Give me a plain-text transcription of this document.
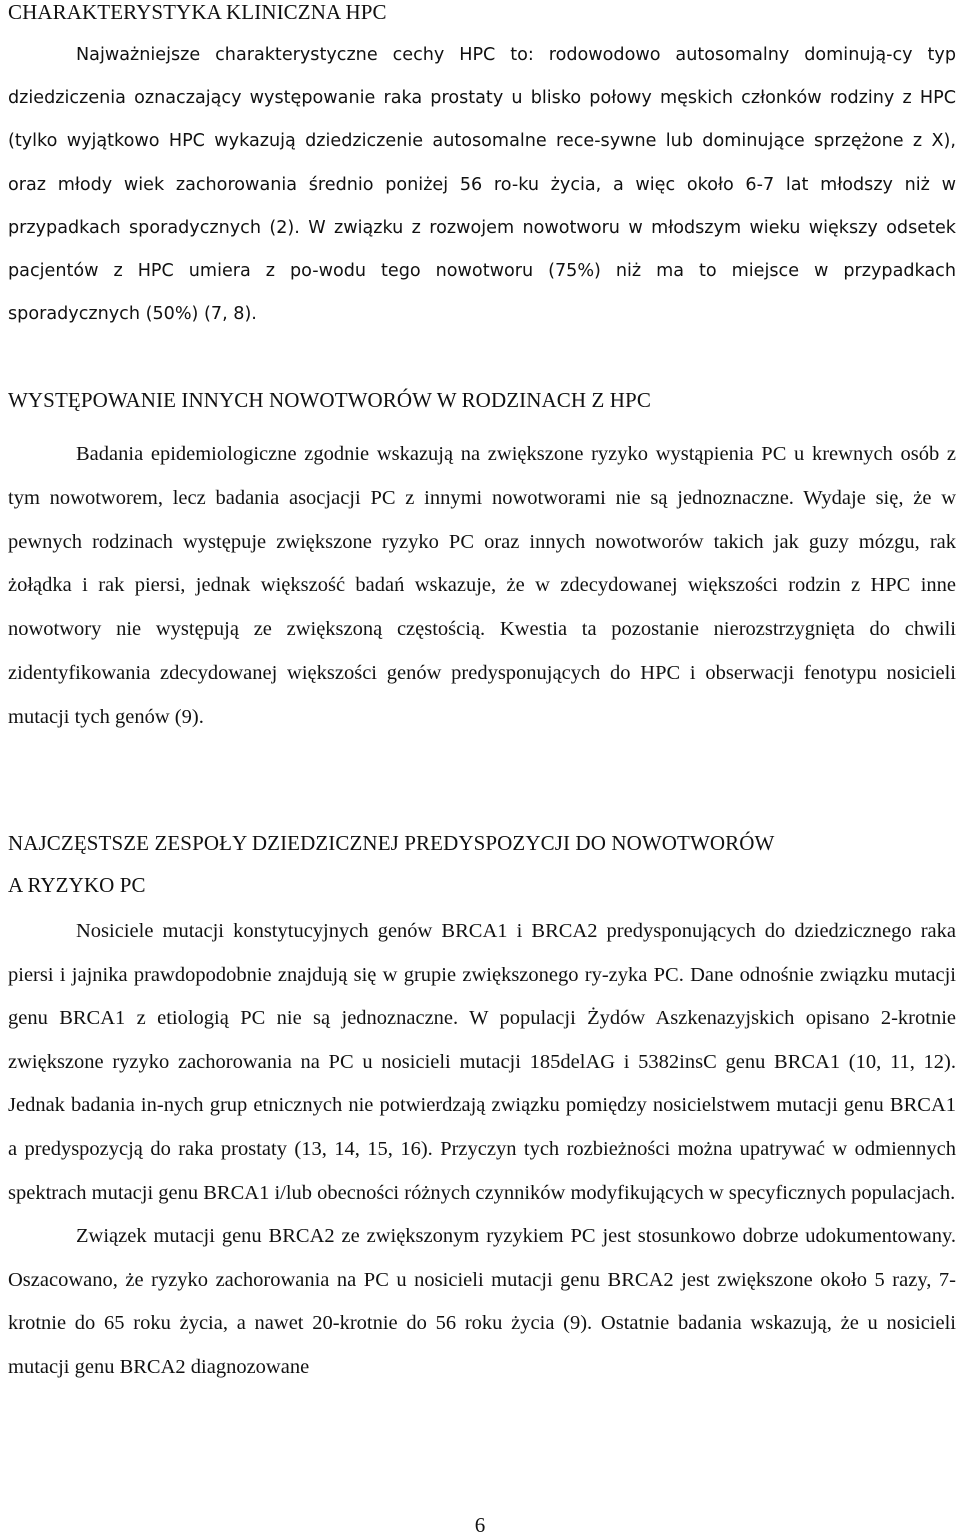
CHARAKTERYSTYKA KLINICZNA HPC

Najważniejsze charakterystyczne cechy HPC to: rodowodowo autosomalny dominują-cy typ dziedziczenia oznaczający występowanie raka prostaty u blisko połowy męskich członków rodziny z HPC (tylko wyjątkowo HPC wykazują dziedziczenie autosomalne rece-sywne lub dominujące sprzężone z X), oraz młody wiek zachorowania średnio poniżej 56 ro-ku życia, a więc około 6-7 lat młodszy niż w przypadkach sporadycznych (2). W związku z rozwojem nowotworu w młodszym wieku większy odsetek pacjentów z HPC umiera z po-wodu tego nowotworu (75%) niż ma to miejsce w przypadkach sporadycznych (50%) (7, 8).

WYSTĘPOWANIE INNYCH NOWOTWORÓW W RODZINACH Z HPC

Badania epidemiologiczne zgodnie wskazują na zwiększone ryzyko wystąpienia PC u krewnych osób z tym nowotworem, lecz badania asocjacji PC z innymi nowotworami nie są jednoznaczne. Wydaje się, że w pewnych rodzinach występuje zwiększone ryzyko PC oraz innych nowotworów takich jak guzy mózgu, rak żołądka i rak piersi, jednak większość badań wskazuje, że w zdecydowanej większości rodzin z HPC inne nowotwory nie występują ze zwiększoną częstością. Kwestia ta pozostanie nierozstrzygnięta do chwili zidentyfikowania zdecydowanej większości genów predysponujących do HPC i obserwacji fenotypu nosicieli mutacji tych genów (9).

NAJCZĘSTSZE ZESPOŁY DZIEDZICZNEJ PREDYSPOZYCJI DO NOWOTWORÓW
A RYZYKO PC

Nosiciele mutacji konstytucyjnych genów BRCA1 i BRCA2 predysponujących do dziedzicznego raka piersi i jajnika prawdopodobnie znajdują się w grupie zwiększonego ry-zyka PC. Dane odnośnie związku mutacji genu BRCA1 z etiologią PC nie są jednoznaczne. W populacji Żydów Aszkenazyjskich opisano 2-krotnie zwiększone ryzyko zachorowania na PC u nosicieli mutacji 185delAG i 5382insC genu BRCA1 (10, 11, 12). Jednak badania in-nych grup etnicznych nie potwierdzają związku pomiędzy nosicielstwem mutacji genu BRCA1 a predyspozycją do raka prostaty (13, 14, 15, 16). Przyczyn tych rozbieżności można upatrywać w odmiennych spektrach mutacji genu BRCA1 i/lub obecności różnych czynników modyfikujących w specyficznych populacjach.

Związek mutacji genu BRCA2 ze zwiększonym ryzykiem PC jest stosunkowo dobrze udokumentowany. Oszacowano, że ryzyko zachorowania na PC u nosicieli mutacji genu BRCA2 jest zwiększone około 5 razy, 7-krotnie do 65 roku życia, a nawet 20-krotnie do 56 roku życia (9). Ostatnie badania wskazują, że u nosicieli mutacji genu BRCA2 diagnozowane

6
